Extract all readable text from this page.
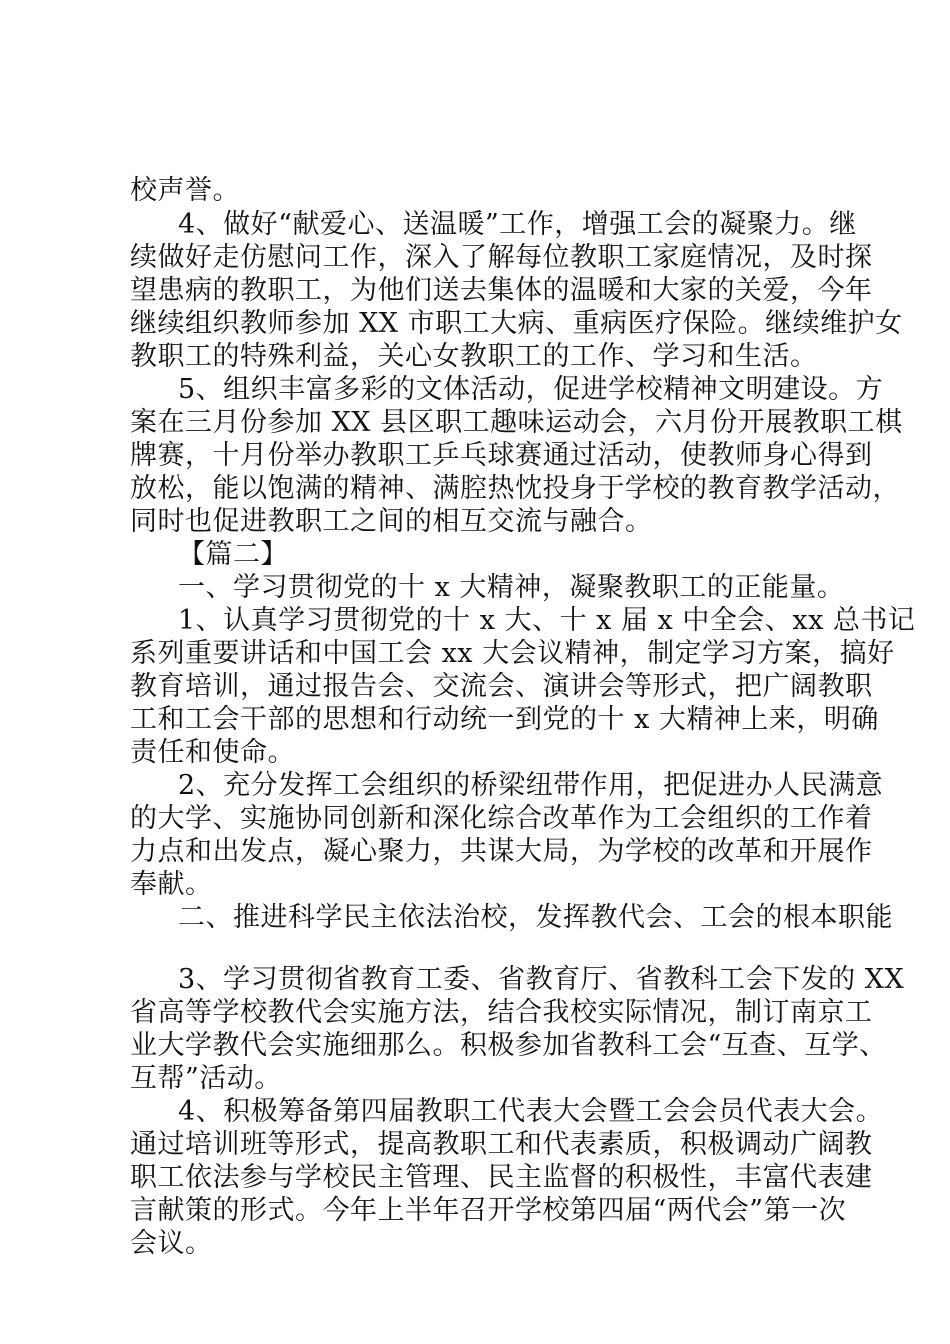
校声誉。
4、做好“献爱心、送温暖”工作，增强工会的凝聚力。继
续做好走仿慰问工作，深入了解每位教职工家庭情况，及时探
望患病的教职工，为他们送去集体的温暖和大家的关爱，今年
继续组织教师参加 XX 市职工大病、重病医疗保险。继续维护女
教职工的特殊利益，关心女教职工的工作、学习和生活。
5、组织丰富多彩的文体活动，促进学校精神文明建设。方
案在三月份参加 XX 县区职工趣味运动会，六月份开展教职工棋
牌赛，十月份举办教职工乒乓球赛通过活动，使教师身心得到
放松，能以饱满的精神、满腔热忱投身于学校的教育教学活动，
同时也促进教职工之间的相互交流与融合。
【篇二】
一、学习贯彻党的十 x 大精神，凝聚教职工的正能量。
1、认真学习贯彻党的十 x 大、十 x 届 x 中全会、xx 总书记
系列重要讲话和中国工会 xx 大会议精神，制定学习方案，搞好
教育培训，通过报告会、交流会、演讲会等形式，把广阔教职
工和工会干部的思想和行动统一到党的十 x 大精神上来，明确
责任和使命。
2、充分发挥工会组织的桥梁纽带作用，把促进办人民满意
的大学、实施协同创新和深化综合改革作为工会组织的工作着
力点和出发点，凝心聚力，共谋大局，为学校的改革和开展作
奉献。
二、推进科学民主依法治校，发挥教代会、工会的根本职能
3、学习贯彻省教育工委、省教育厅、省教科工会下发的 XX
省高等学校教代会实施方法，结合我校实际情况，制订南京工
业大学教代会实施细那么。积极参加省教科工会“互查、互学、
互帮”活动。
4、积极筹备第四届教职工代表大会暨工会会员代表大会。
通过培训班等形式，提高教职工和代表素质，积极调动广阔教
职工依法参与学校民主管理、民主监督的积极性，丰富代表建
言献策的形式。今年上半年召开学校第四届“两代会”第一次
会议。
